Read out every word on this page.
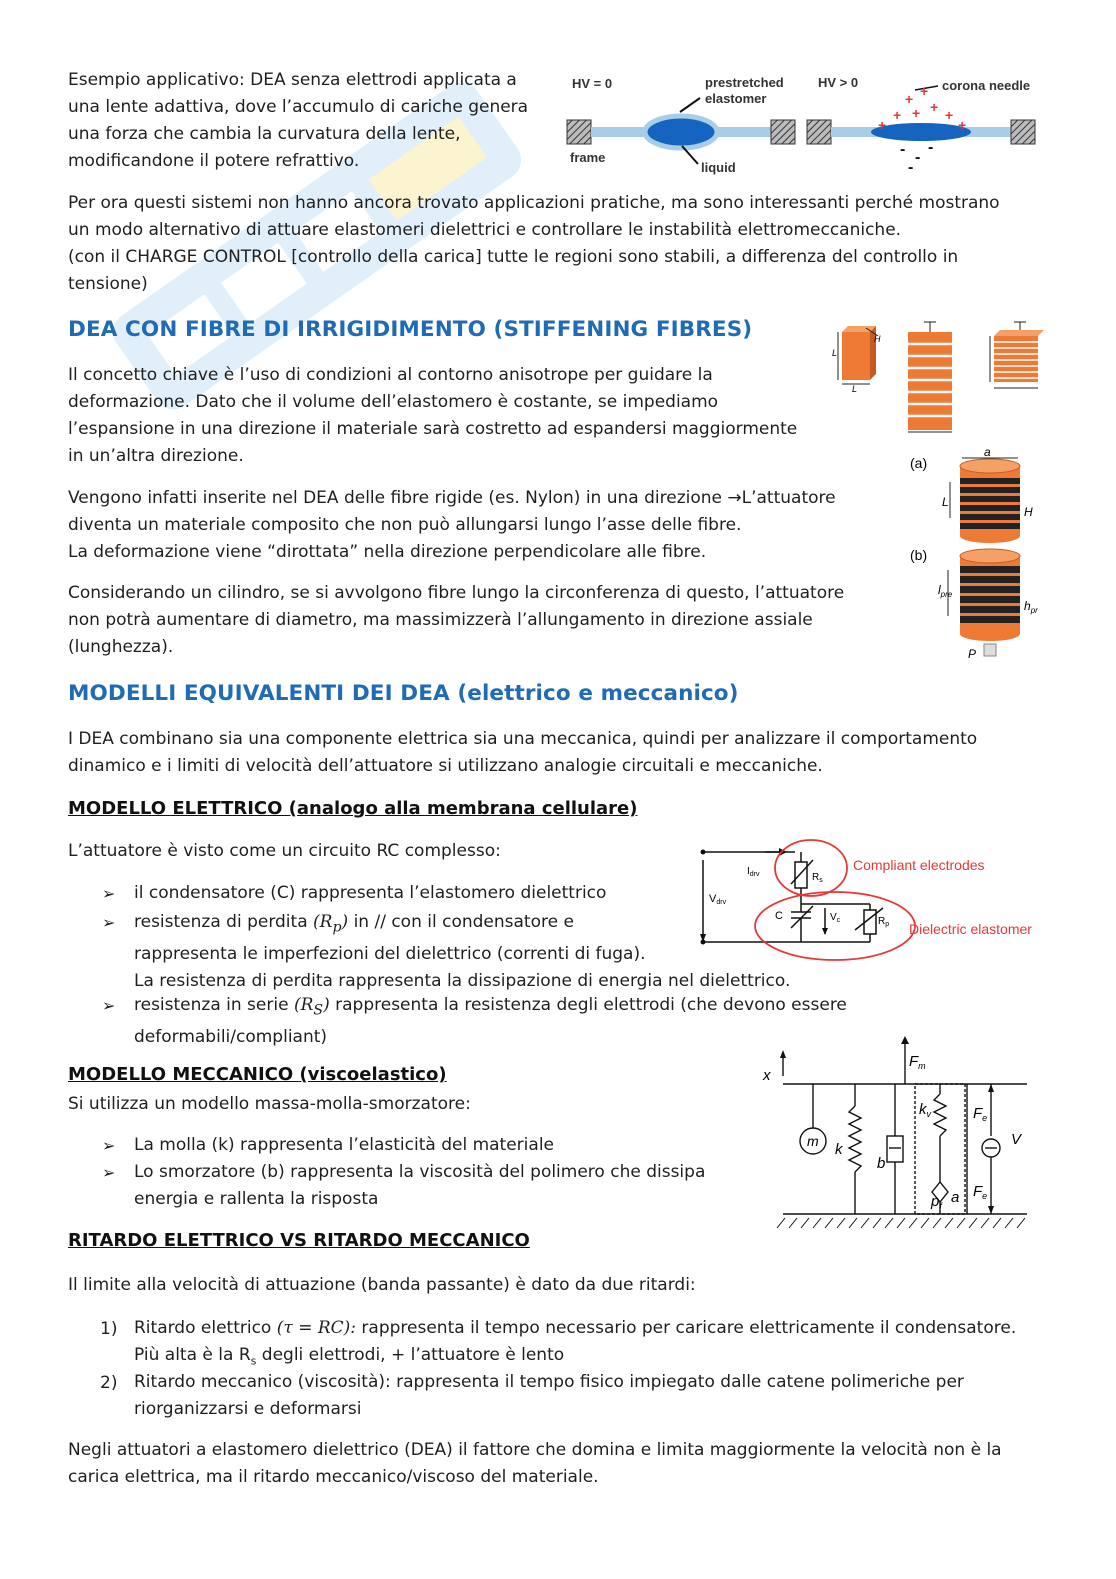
Esempio applicativo: DEA senza elettrodi applicata a
una lente adattiva, dove l’accumulo di cariche genera
una forza che cambia la curvatura della lente,
modificandone il potere refrattivo.
HV = 0	prestretched
elastomer
HV > 0	corona needle
frame
liquid
+ +
+
+
+	+
+	+
- -
-
-
Per ora questi sistemi non hanno ancora trovato applicazioni pratiche, ma sono interessanti perché mostrano
un modo alternativo di attuare elastomeri dielettrici e controllare le instabilità elettromeccaniche.
(con il CHARGE CONTROL [controllo della carica] tutte le regioni sono stabili, a differenza del controllo in
tensione)
DEA CON FIBRE DI IRRIGIDIMENTO (STIFFENING FIBRES)
Il concetto chiave è l’uso di condizioni al contorno anisotrope per guidare la
deformazione. Dato che il volume dell’elastomero è costante, se impediamo
l’espansione in una direzione il materiale sarà costretto ad espandersi maggiormente
in un’altra direzione.
Vengono infatti inserite nel DEA delle fibre rigide (es. Nylon) in una direzione →L’attuatore
diventa un materiale composito che non può allungarsi lungo l’asse delle fibre.
La deformazione viene “dirottata” nella direzione perpendicolare alle fibre.
Considerando un cilindro, se si avvolgono fibre lungo la circonferenza di questo, l’attuatore
non potrà aumentare di diametro, ma massimizzerà l’allungamento in direzione assiale
(lunghezza).
L
L
H
(a)
a
L
H
(b)
$l_{pre}$
$h_{pr}$
P
MODELLI EQUIVALENTI DEI DEA (elettrico e meccanico)
I DEA combinano sia una componente elettrica sia una meccanica, quindi per analizzare il comportamento
dinamico e i limiti di velocità dell’attuatore si utilizzano analogie circuitali e meccaniche.
MODELLO ELETTRICO (analogo alla membrana cellulare)
L’attuatore è visto come un circuito RC complesso:
➢ il condensatore (C) rappresenta l’elastomero dielettrico
➢ resistenza di perdita $(R_p)$ in // con il condensatore e
rappresenta le imperfezioni del dielettrico (correnti di fuga).
La resistenza di perdita rappresenta la dissipazione di energia nel dielettrico.
➢ resistenza in serie $(R_S)$ rappresenta la resistenza degli elettrodi (che devono essere
deformabili/compliant)
$I_{drv}$
Vdrv
$R_s$
C	$V_c$	$R_p$
Compliant electrodes
Dielectric elastomer
MODELLO MECCANICO (viscoelastico)
Si utilizza un modello massa-molla-smorzatore:
➢ La molla (k) rappresenta l’elasticità del materiale
➢ Lo smorzatore (b) rappresenta la viscosità del polimero che dissipa
energia e rallenta la risposta
x
$F_m$
m k
b
$k_v$	$F_e$
V
$F_e$
$p_f$ a
RITARDO ELETTRICO VS RITARDO MECCANICO
Il limite alla velocità di attuazione (banda passante) è dato da due ritardi:
1) Ritardo elettrico (τ = RC): rappresenta il tempo necessario per caricare elettricamente il condensatore.
Più alta è la $R_s$ degli elettrodi, + l’attuatore è lento
2) Ritardo meccanico (viscosità): rappresenta il tempo fisico impiegato dalle catene polimeriche per
riorganizzarsi e deformarsi
Negli attuatori a elastomero dielettrico (DEA) il fattore che domina e limita maggiormente la velocità non è la
carica elettrica, ma il ritardo meccanico/viscoso del materiale.
